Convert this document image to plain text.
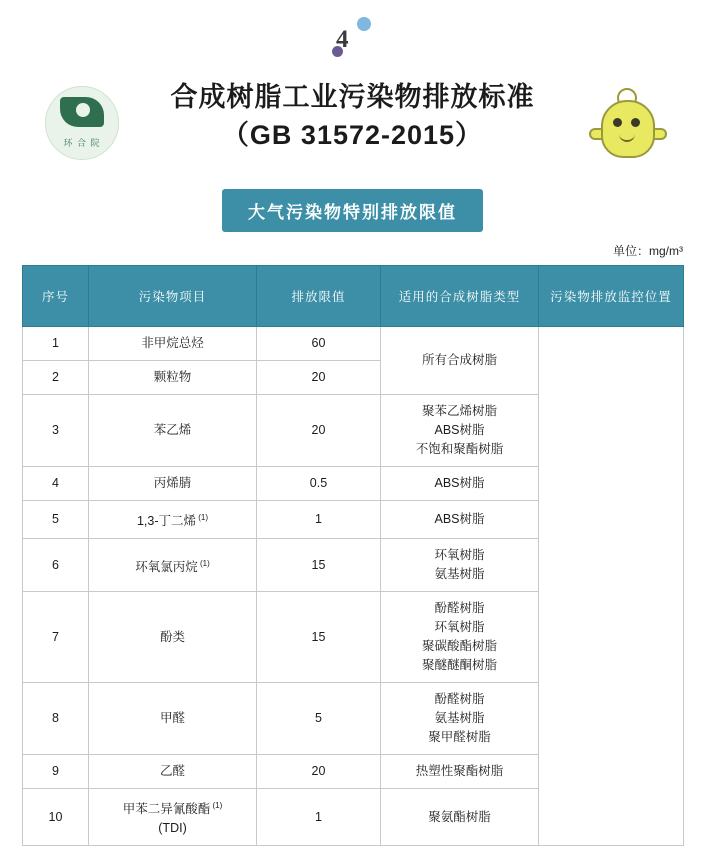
4
环 合 院
合成树脂工业污染物排放标准
（GB 31572-2015）
大气污染物特别排放限值
单位：mg/m³
序号	污染物项目	排放限值	适用的合成树脂类型	污染物排放监控位置
1	非甲烷总烃	60	所有合成树脂	

2	颗粒物	20		
3	苯乙烯	20	聚苯乙烯树脂
ABS树脂
不饱和聚酯树脂	

4	丙烯腈	0.5	ABS树脂	

5	1,3-丁二烯 $^{(1)}$	1	ABS树脂	

6	环氧氯丙烷 $^{(1)}$	15	环氧树脂
氨基树脂	

7	酚类	15	酚醛树脂
环氧树脂
聚碳酸酯树脂
聚醚醚酮树脂	

8	甲醛	5	酚醛树脂
氨基树脂
聚甲醛树脂	

9	乙醛	20	热塑性聚酯树脂	

10	甲苯二异氰酸酯 $^{(1)}$
(TDI)	1	聚氨酯树脂	
